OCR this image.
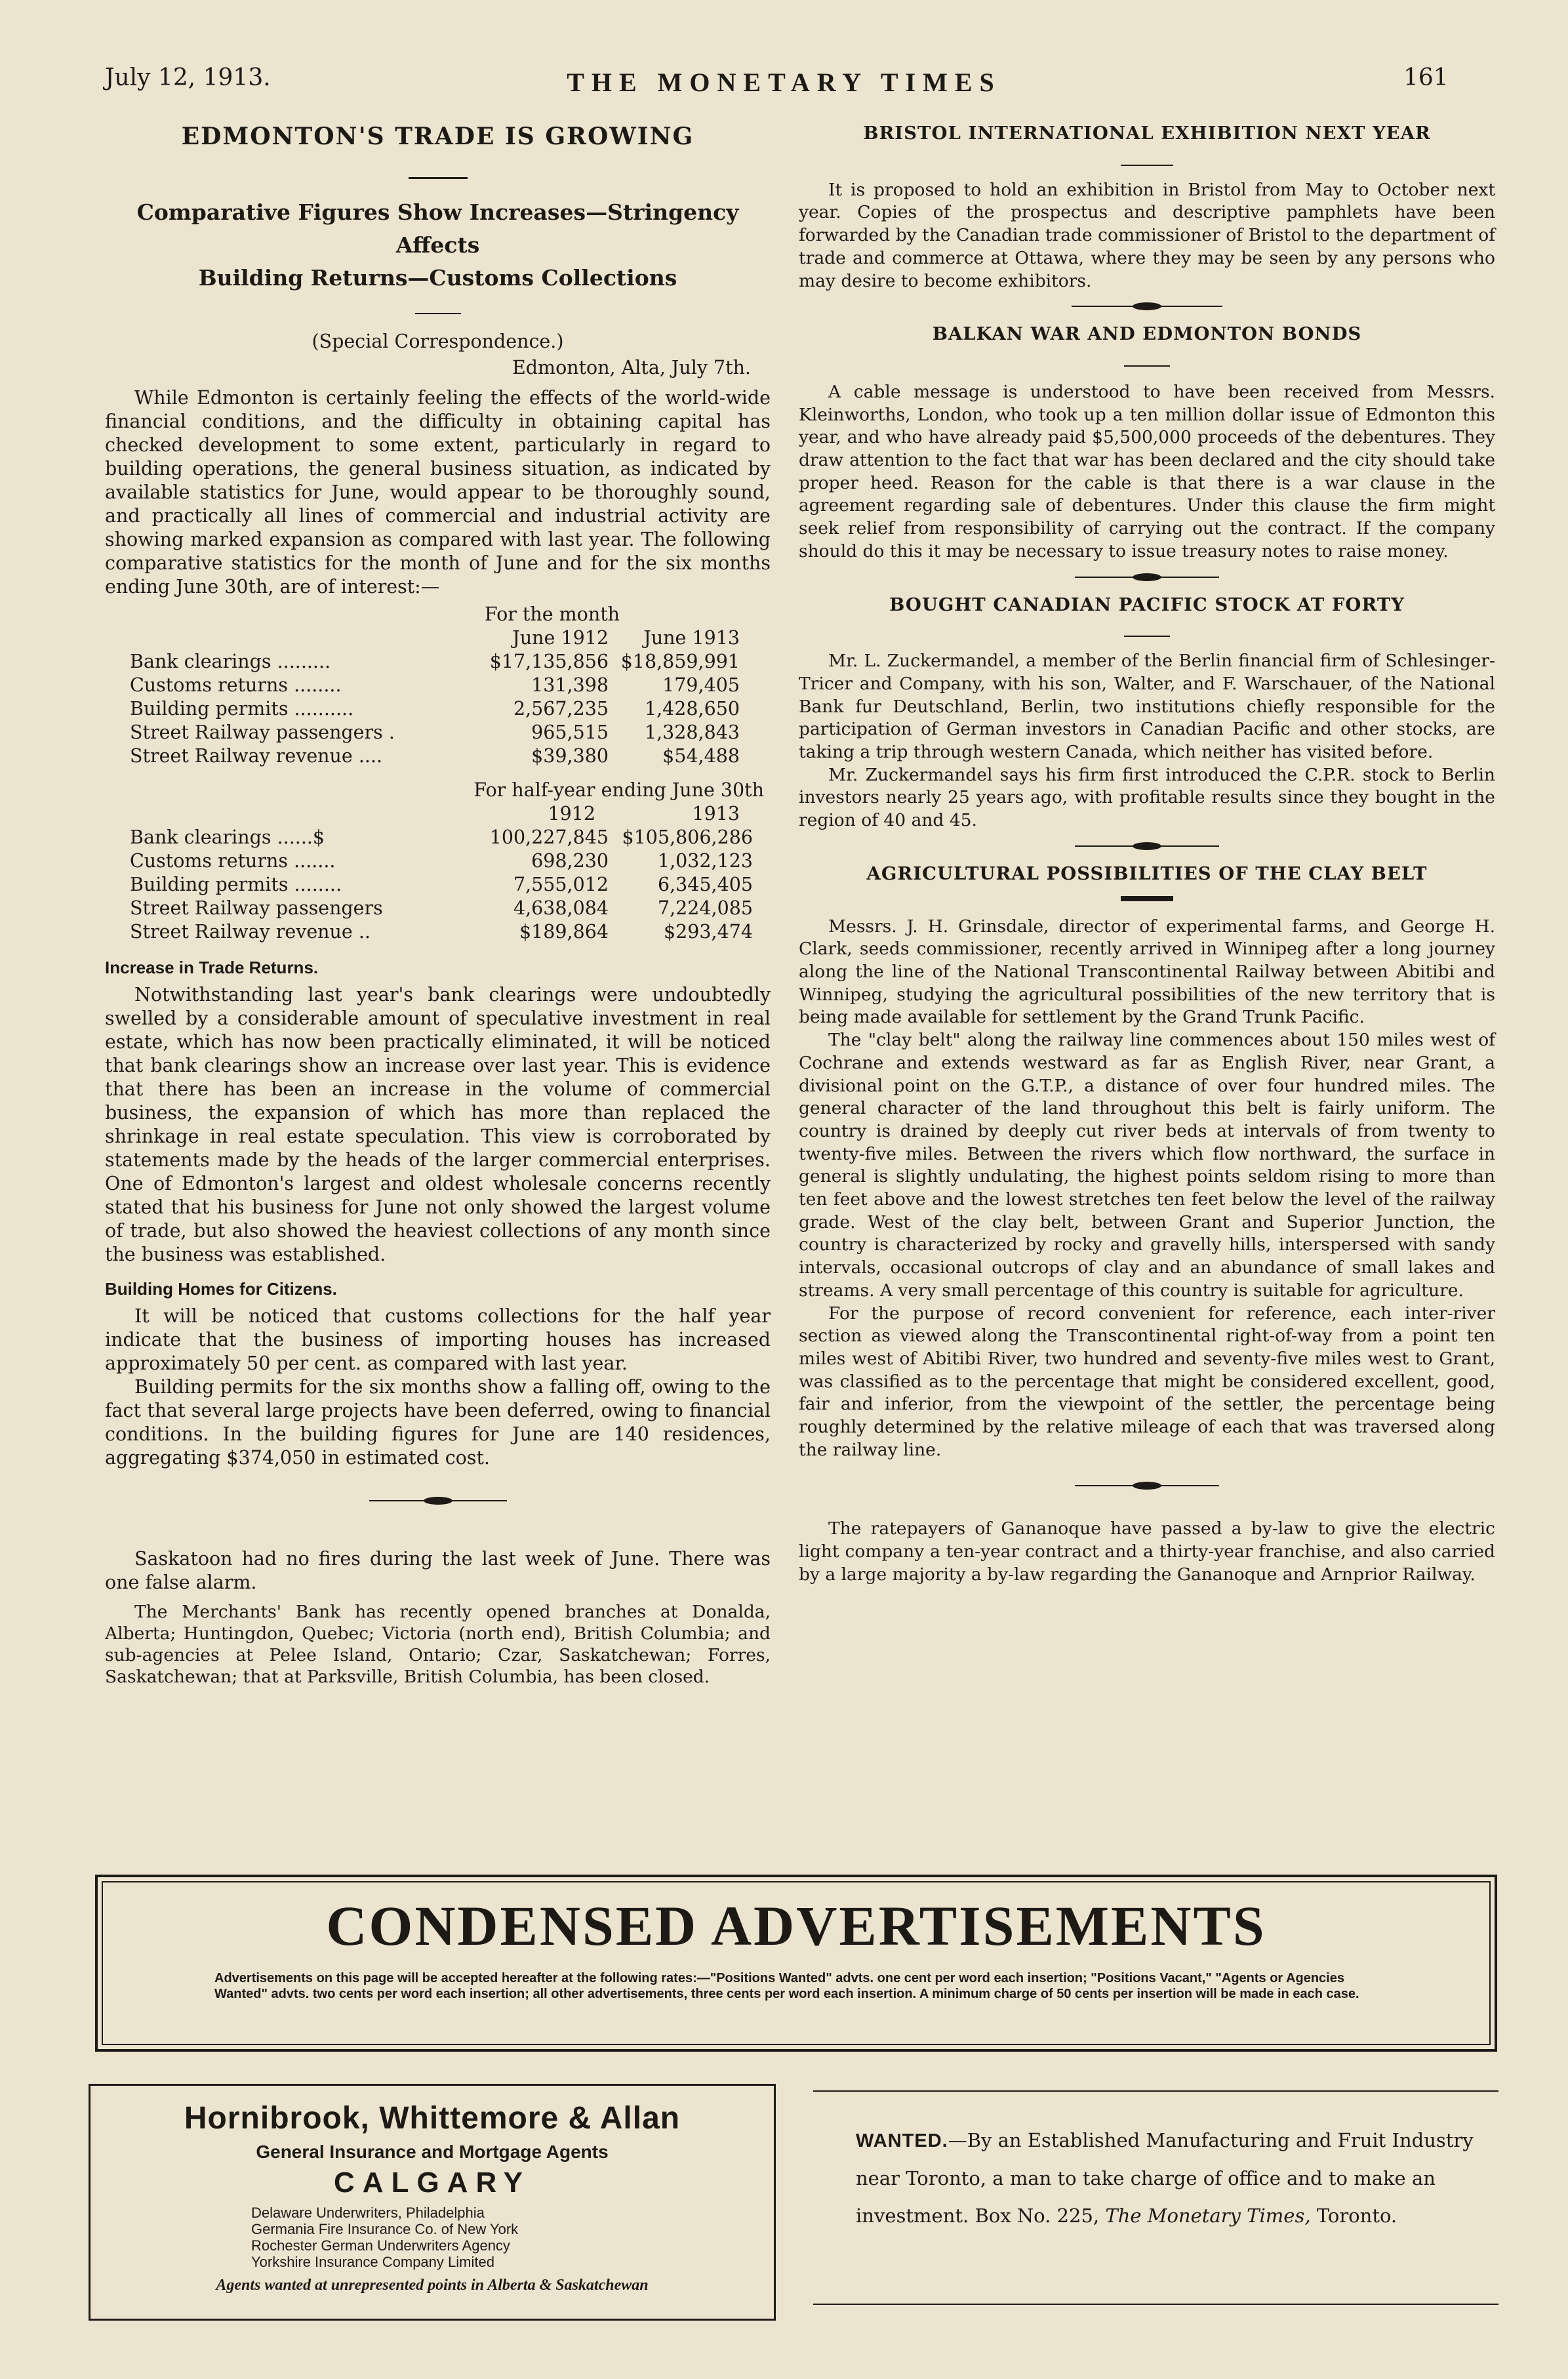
July 12, 1913.	THE MONETARY TIMES	161
EDMONTON'S TRADE IS GROWING
Comparative Figures Show Increases—Stringency Affects
Building Returns—Customs Collections
(Special Correspondence.)
Edmonton, Alta, July 7th.

While Edmonton is certainly feeling the effects of the world-wide financial conditions, and the difficulty in obtaining capital has checked development to some extent, particularly in regard to building operations, the general business situation, as indicated by available statistics for June, would appear to be thoroughly sound, and practically all lines of commercial and industrial activity are showing marked expansion as compared with last year. The following comparative statistics for the month of June and for the six months ending June 30th, are of interest:—

For the month
	June 1912	June 1913
Bank clearings .........	$17,135,856	$18,859,991
Customs returns ........	131,398	179,405
Building permits ..........	2,567,235	1,428,650
Street Railway passengers .	965,515	1,328,843
Street Railway revenue ....	$39,380	$54,488
For half-year ending June 30th
	1912	1913
Bank clearings ......$	100,227,845	$105,806,286
Customs returns .......	698,230	1,032,123
Building permits ........	7,555,012	6,345,405
Street Railway passengers	4,638,084	7,224,085
Street Railway revenue ..	$189,864	$293,474
Increase in Trade Returns.

Notwithstanding last year's bank clearings were undoubtedly swelled by a considerable amount of speculative investment in real estate, which has now been practically eliminated, it will be noticed that bank clearings show an increase over last year. This is evidence that there has been an increase in the volume of commercial business, the expansion of which has more than replaced the shrinkage in real estate speculation. This view is corroborated by statements made by the heads of the larger commercial enterprises. One of Edmonton's largest and oldest wholesale concerns recently stated that his business for June not only showed the largest volume of trade, but also showed the heaviest collections of any month since the business was established.

Building Homes for Citizens.

It will be noticed that customs collections for the half year indicate that the business of importing houses has increased approximately 50 per cent. as compared with last year.

Building permits for the six months show a falling off, owing to the fact that several large projects have been deferred, owing to financial conditions. In the building figures for June are 140 residences, aggregating $374,050 in estimated cost.

Saskatoon had no fires during the last week of June. There was one false alarm.

The Merchants' Bank has recently opened branches at Donalda, Alberta; Huntingdon, Quebec; Victoria (north end), British Columbia; and sub-agencies at Pelee Island, Ontario; Czar, Saskatchewan; Forres, Saskatchewan; that at Parksville, British Columbia, has been closed.

BRISTOL INTERNATIONAL EXHIBITION NEXT YEAR

It is proposed to hold an exhibition in Bristol from May to October next year. Copies of the prospectus and descriptive pamphlets have been forwarded by the Canadian trade commissioner of Bristol to the department of trade and commerce at Ottawa, where they may be seen by any persons who may desire to become exhibitors.

BALKAN WAR AND EDMONTON BONDS

A cable message is understood to have been received from Messrs. Kleinworths, London, who took up a ten million dollar issue of Edmonton this year, and who have already paid $5,500,000 proceeds of the debentures. They draw attention to the fact that war has been declared and the city should take proper heed. Reason for the cable is that there is a war clause in the agreement regarding sale of debentures. Under this clause the firm might seek relief from responsibility of carrying out the contract. If the company should do this it may be necessary to issue treasury notes to raise money.

BOUGHT CANADIAN PACIFIC STOCK AT FORTY

Mr. L. Zuckermandel, a member of the Berlin financial firm of Schlesinger-Tricer and Company, with his son, Walter, and F. Warschauer, of the National Bank fur Deutschland, Berlin, two institutions chiefly responsible for the participation of German investors in Canadian Pacific and other stocks, are taking a trip through western Canada, which neither has visited before.

Mr. Zuckermandel says his firm first introduced the C.P.R. stock to Berlin investors nearly 25 years ago, with profitable results since they bought in the region of 40 and 45.

AGRICULTURAL POSSIBILITIES OF THE CLAY BELT

Messrs. J. H. Grinsdale, director of experimental farms, and George H. Clark, seeds commissioner, recently arrived in Winnipeg after a long journey along the line of the National Transcontinental Railway between Abitibi and Winnipeg, studying the agricultural possibilities of the new territory that is being made available for settlement by the Grand Trunk Pacific.

The "clay belt" along the railway line commences about 150 miles west of Cochrane and extends westward as far as English River, near Grant, a divisional point on the G.T.P., a distance of over four hundred miles. The general character of the land throughout this belt is fairly uniform. The country is drained by deeply cut river beds at intervals of from twenty to twenty-five miles. Between the rivers which flow northward, the surface in general is slightly undulating, the highest points seldom rising to more than ten feet above and the lowest stretches ten feet below the level of the railway grade. West of the clay belt, between Grant and Superior Junction, the country is characterized by rocky and gravelly hills, interspersed with sandy intervals, occasional outcrops of clay and an abundance of small lakes and streams. A very small percentage of this country is suitable for agriculture.

For the purpose of record convenient for reference, each inter-river section as viewed along the Transcontinental right-of-way from a point ten miles west of Abitibi River, two hundred and seventy-five miles west to Grant, was classified as to the percentage that might be considered excellent, good, fair and inferior, from the viewpoint of the settler, the percentage being roughly determined by the relative mileage of each that was traversed along the railway line.

The ratepayers of Gananoque have passed a by-law to give the electric light company a ten-year contract and a thirty-year franchise, and also carried by a large majority a by-law regarding the Gananoque and Arnprior Railway.

CONDENSED ADVERTISEMENTS
Advertisements on this page will be accepted hereafter at the following rates:—"Positions Wanted" advts. one cent per word each insertion; "Positions Vacant," "Agents or Agencies Wanted" advts. two cents per word each insertion; all other advertisements, three cents per word each insertion. A minimum charge of 50 cents per insertion will be made in each case.
Hornibrook, Whittemore & Allan
General Insurance and Mortgage Agents
CALGARY
Delaware Underwriters, Philadelphia
Germania Fire Insurance Co. of New York
Rochester German Underwriters Agency
Yorkshire Insurance Company Limited
Agents wanted at unrepresented points in Alberta & Saskatchewan
WANTED.—By an Established Manufacturing and Fruit Industry near Toronto, a man to take charge of office and to make an investment. Box No. 225, The Monetary Times, Toronto.
